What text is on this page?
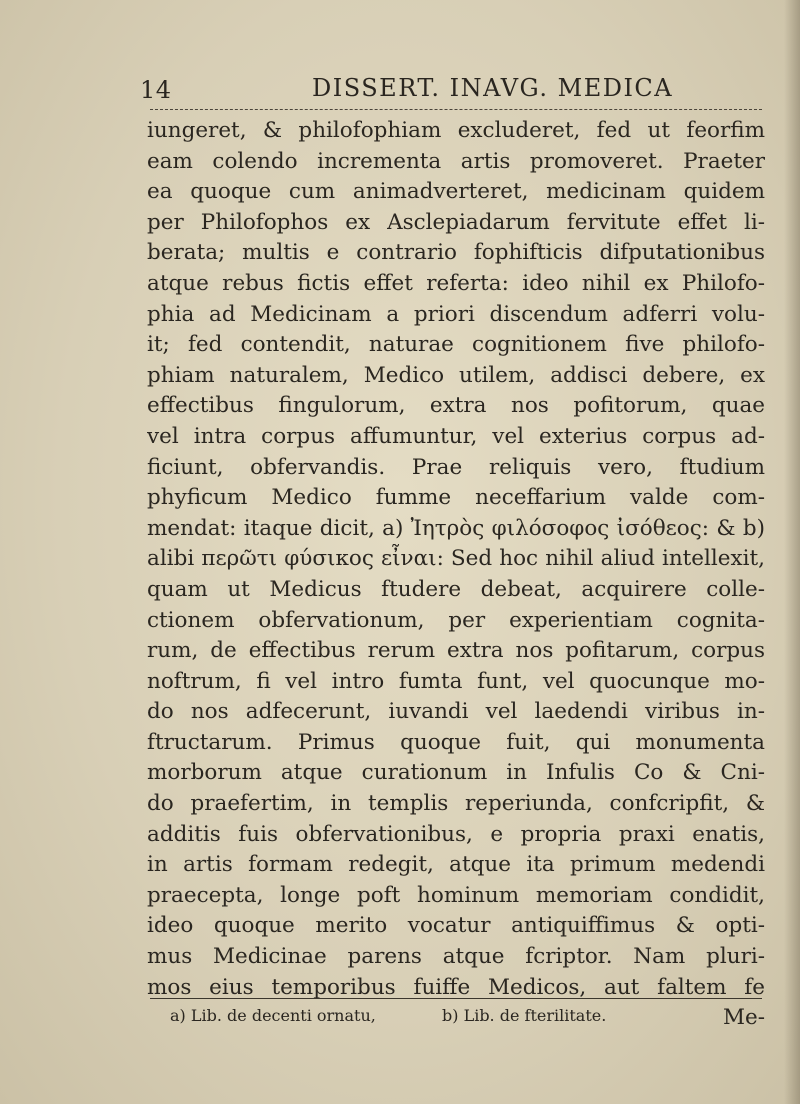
14	DISSERT. INAVG. MEDICA
iungeret, & philofophiam excluderet, fed ut feorfim
eam colendo incrementa artis promoveret. Praeter
ea quoque cum animadverteret, medicinam quidem
per Philofophos ex Asclepiadarum fervitute effet li-
berata; multis e contrario fophifticis difputationibus
atque rebus fictis effet referta: ideo nihil ex Philofo-
phia ad Medicinam a priori discendum adferri volu-
it; fed contendit, naturae cognitionem five philofo-
phiam naturalem, Medico utilem, addisci debere, ex
effectibus fingulorum, extra nos pofitorum, quae
vel intra corpus affumuntur, vel exterius corpus ad-
ficiunt, obfervandis. Prae reliquis vero, ftudium
phyficum Medico fumme neceffarium valde com-
mendat: itaque dicit, a) Ἰητρὸς φιλόσοφος ἰσόθεος: & b)
alibi περῶτι φύσικος εἶναι: Sed hoc nihil aliud intellexit,
quam ut Medicus ftudere debeat, acquirere colle-
ctionem obfervationum, per experientiam cognita-
rum, de effectibus rerum extra nos pofitarum, corpus
noftrum, fi vel intro fumta funt, vel quocunque mo-
do nos adfecerunt, iuvandi vel laedendi viribus in-
ftructarum. Primus quoque fuit, qui monumenta
morborum atque curationum in Infulis Co & Cni-
do praefertim, in templis reperiunda, confcripfit, &
additis fuis obfervationibus, e propria praxi enatis,
in artis formam redegit, atque ita primum medendi
praecepta, longe poft hominum memoriam condidit,
ideo quoque merito vocatur antiquiffimus & opti-
mus Medicinae parens atque fcriptor. Nam pluri-
mos eius temporibus fuiffe Medicos, aut faltem fe
Me-
a) Lib. de decenti ornatu,	b) Lib. de fterilitate.
